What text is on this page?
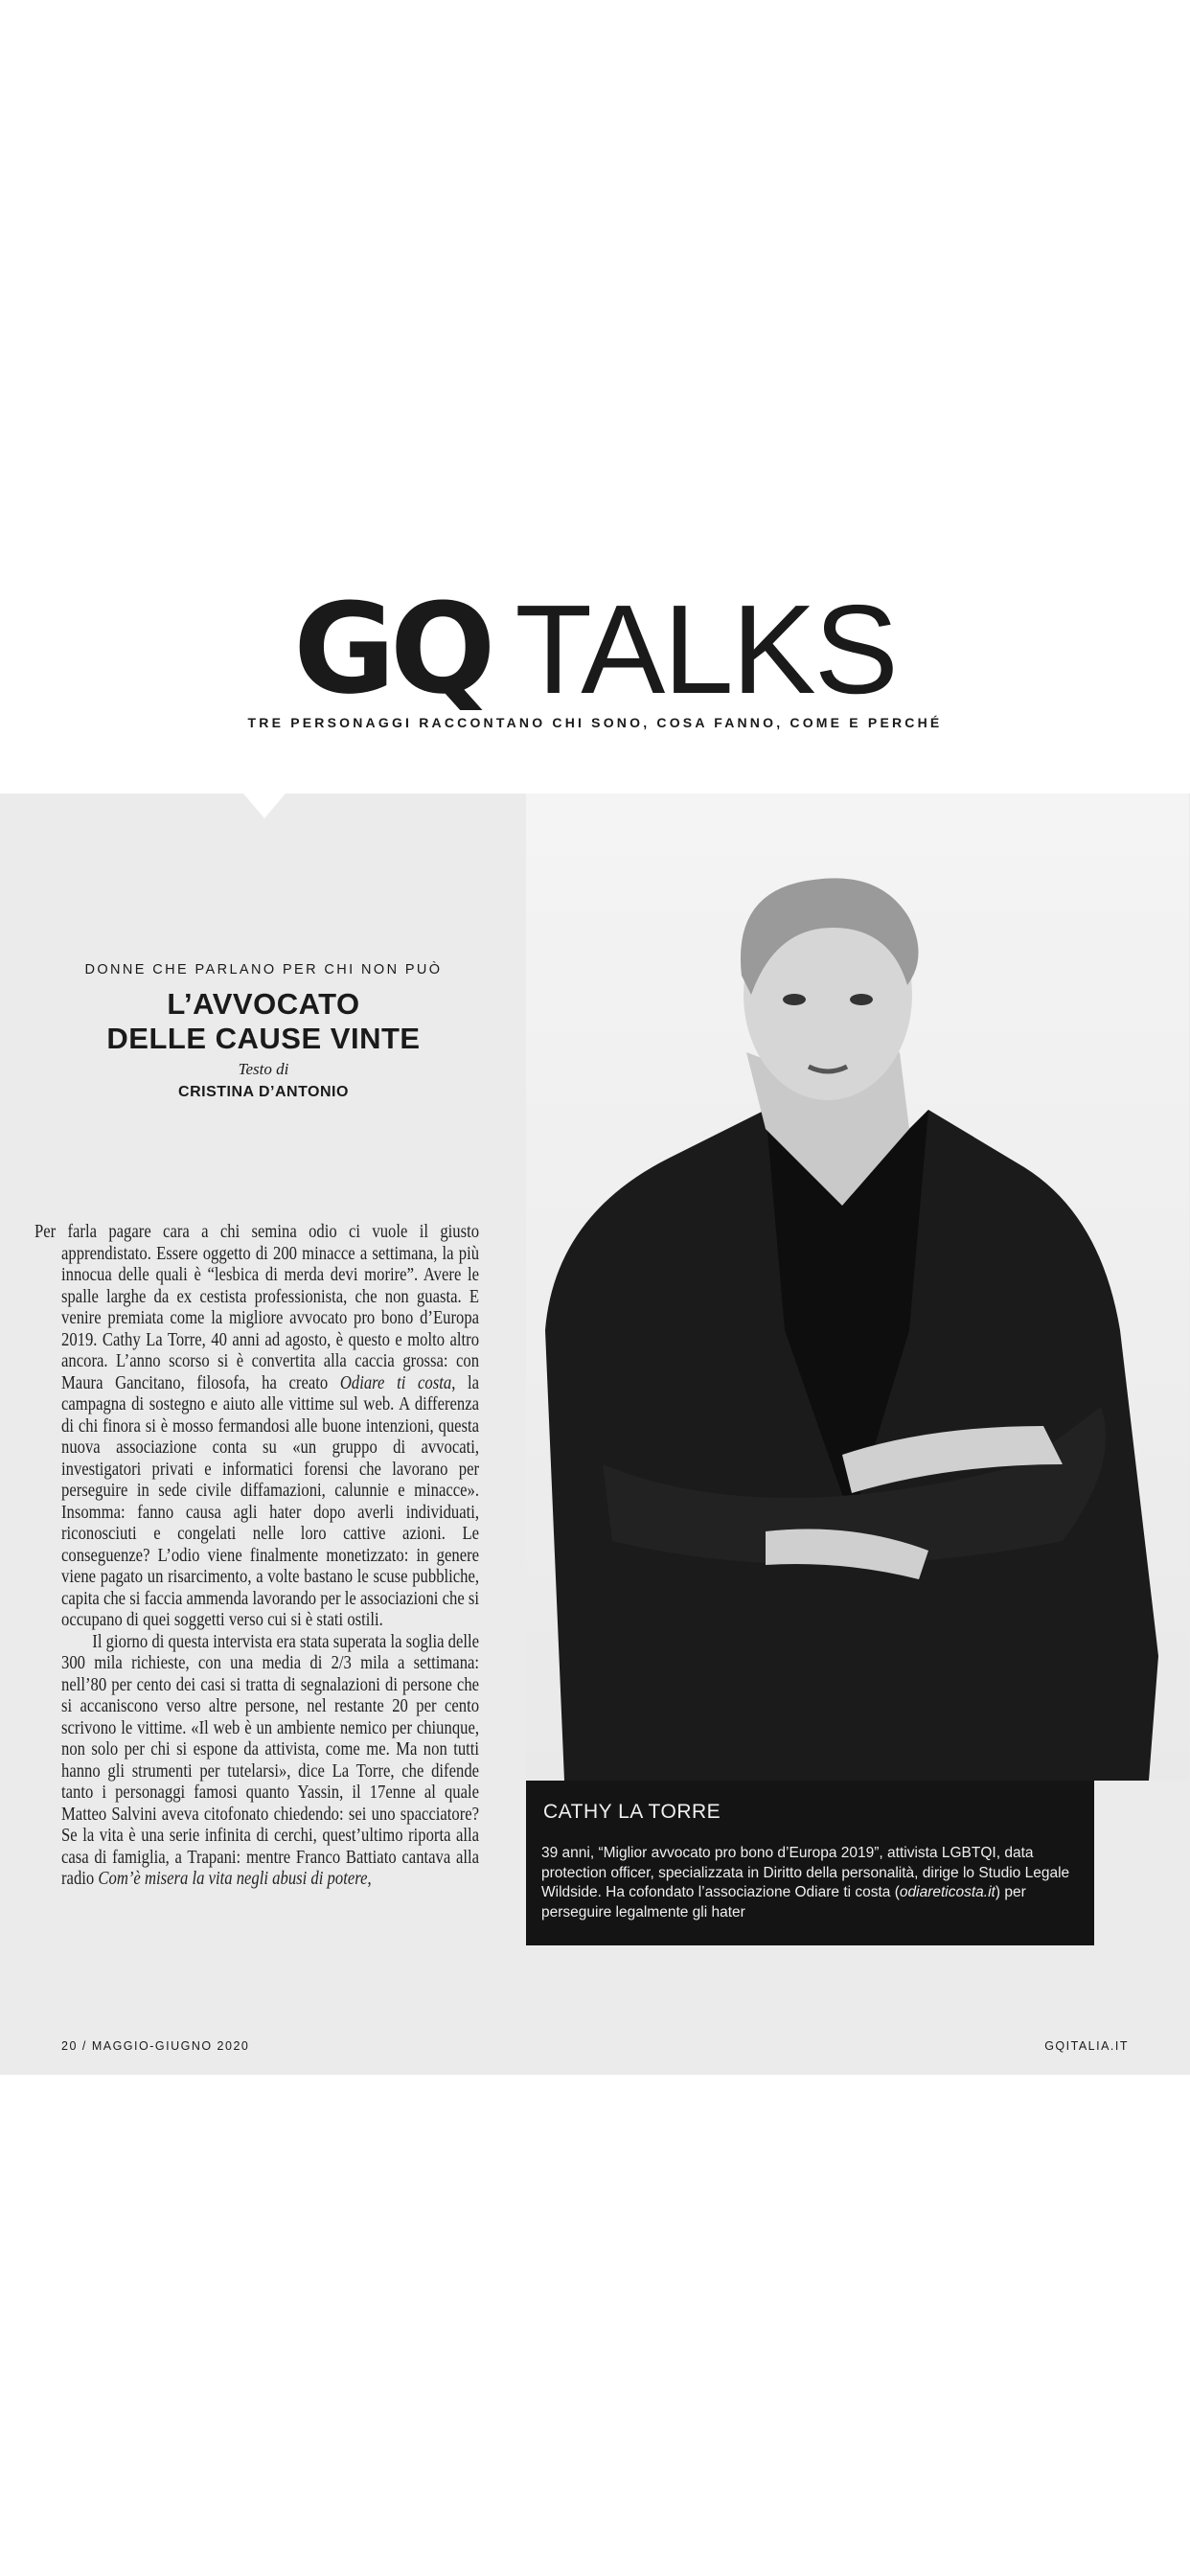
GQ TALKS
TRE PERSONAGGI RACCONTANO CHI SONO, COSA FANNO, COME E PERCHÉ
DONNE CHE PARLANO PER CHI NON PUÒ
L’AVVOCATO
DELLE CAUSE VINTE
Testo di
CRISTINA D’ANTONIO

Per farla pagare cara a chi semina odio ci vuole il giusto apprendistato. Essere oggetto di 200 minacce a settimana, la più innocua delle quali è “lesbica di merda devi morire”. Avere le spalle larghe da ex cestista professionista, che non guasta. E venire premiata come la migliore avvocato pro bono d’Europa 2019. Cathy La Torre, 40 anni ad agosto, è questo e molto altro ancora. L’anno scorso si è convertita alla caccia grossa: con Maura Gancitano, filosofa, ha creato Odiare ti costa, la campagna di sostegno e aiuto alle vittime sul web. A differenza di chi finora si è mosso fermandosi alle buone intenzioni, questa nuova associazione conta su «un gruppo di avvocati, investigatori privati e informatici forensi che lavorano per perseguire in sede civile diffamazioni, calunnie e minacce». Insomma: fanno causa agli hater dopo averli individuati, riconosciuti e congelati nelle loro cattive azioni. Le conseguenze? L’odio viene finalmente monetizzato: in genere viene pagato un risarcimento, a volte bastano le scuse pubbliche, capita che si faccia ammenda lavorando per le associazioni che si occupano di quei soggetti verso cui si è stati ostili.

Il giorno di questa intervista era stata superata la soglia delle 300 mila richieste, con una media di 2/3 mila a settimana: nell’80 per cento dei casi si tratta di segnalazioni di persone che si accaniscono verso altre persone, nel restante 20 per cento scrivono le vittime. «Il web è un ambiente nemico per chiunque, non solo per chi si espone da attivista, come me. Ma non tutti hanno gli strumenti per tutelarsi», dice La Torre, che difende tanto i personaggi famosi quanto Yassin, il 17enne al quale Matteo Salvini aveva citofonato chiedendo: sei uno spacciatore? Se la vita è una serie infinita di cerchi, quest’ultimo riporta alla casa di famiglia, a Trapani: mentre Franco Battiato cantava alla radio Com’è misera la vita negli abusi di potere,

CATHY LA TORRE
39 anni, “Miglior avvocato pro bono d’Europa 2019”, attivista LGBTQI, data protection officer, specializzata in Diritto della personalità, dirige lo Studio Legale Wildside. Ha cofondato l’associazione Odiare ti costa (odiareticosta.it) per perseguire legalmente gli hater
20 / MAGGIO-GIUGNO 2020	GQITALIA.IT
